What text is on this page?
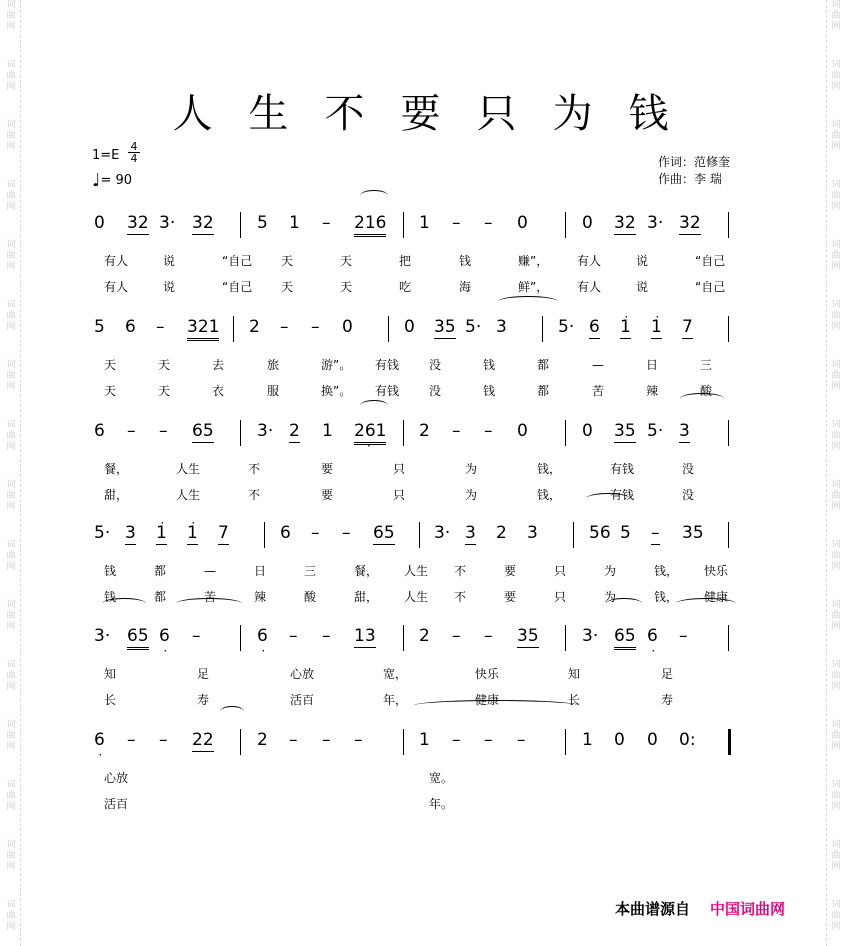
词
曲
网
词
曲
网
词
曲
网
词
曲
网
词
曲
网
词
曲
网
词
曲
网
词
曲
网
词
曲
网
词
曲
网
词
曲
网
词
曲
网
词
曲
网
词
曲
网
词
曲
网
词
曲
网
词
曲
网
词
曲
网
词
曲
网
词
曲
网
词
曲
网
词
曲
网
词
曲
网
词
曲
网
词
曲
网
词
曲
网
词
曲
网
词
曲
网
词
曲
网
词
曲
网
词
曲
网
词
曲
网
人生不要只为钱
$1=E \frac{4}{4}$
♩= 90
作词：范修奎
作曲：李 瑞
0 32 3· 32	5 1 – 216 1 – – 0	0 32 3· 32
有人	说	“自己 天	天	把	钱	赚”， 有人	说	“自己
有人	说	“自己 天	天	吃	海	鲜”， 有人	说	“自己
5 6 – 321 2 – – 0	0 35 5· 3	5· 6 · 1 · 1 7
天	天	去	旅	游”。 有钱 没	钱	都	—	日	三
天	天	衣	服	换”。 有钱 没	钱	都	苦	辣	酸
6 – – 65	3· 2 1 261 · 2 – – 0	0 35 5· 3
餐，	人生	不	要	只	为	钱，	有钱	没
甜，	人生	不	要	只	为	钱，	有钱	没
5· 3 · 1 · 1 7	6 – – 65 3· 3 2 3	56 5 – 35
钱	都	—	日	三	餐， 人生 不	要	只	为	钱， 快乐
钱	都	苦	辣	酸	甜， 人生 不	要	只	为	钱， 健康
3· 65 6 · –	6 · – – 13	2 – – 35	3· 65 6 · –
知	足	心放	宽，	快乐	知	足
长	寿	活百	年，	健康	长	寿
6 · – – 22	2 – – –	1 – – –	1 0 0 0:
心放	宽。
活百	年。
本曲谱源自 中国词曲网
